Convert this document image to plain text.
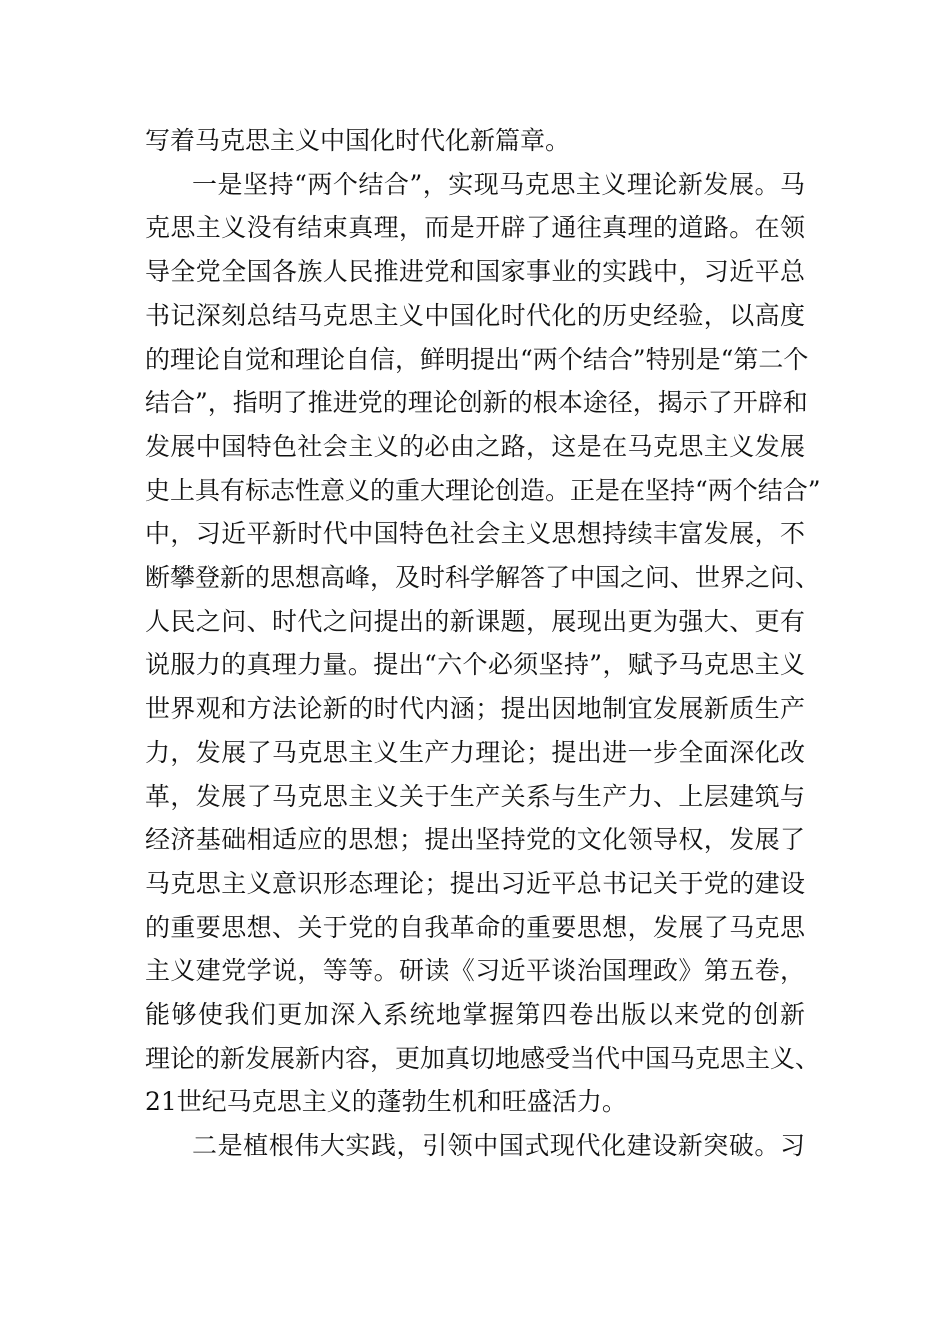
写着马克思主义中国化时代化新篇章。
一是坚持“两个结合”，实现马克思主义理论新发展。马
克思主义没有结束真理，而是开辟了通往真理的道路。在领
导全党全国各族人民推进党和国家事业的实践中，习近平总
书记深刻总结马克思主义中国化时代化的历史经验，以高度
的理论自觉和理论自信，鲜明提出“两个结合”特别是“第二个
结合”，指明了推进党的理论创新的根本途径，揭示了开辟和
发展中国特色社会主义的必由之路，这是在马克思主义发展
史上具有标志性意义的重大理论创造。正是在坚持“两个结合”
中，习近平新时代中国特色社会主义思想持续丰富发展，不
断攀登新的思想高峰，及时科学解答了中国之问、世界之问、
人民之问、时代之问提出的新课题，展现出更为强大、更有
说服力的真理力量。提出“六个必须坚持”，赋予马克思主义
世界观和方法论新的时代内涵；提出因地制宜发展新质生产
力，发展了马克思主义生产力理论；提出进一步全面深化改
革，发展了马克思主义关于生产关系与生产力、上层建筑与
经济基础相适应的思想；提出坚持党的文化领导权，发展了
马克思主义意识形态理论；提出习近平总书记关于党的建设
的重要思想、关于党的自我革命的重要思想，发展了马克思
主义建党学说，等等。研读《习近平谈治国理政》第五卷，
能够使我们更加深入系统地掌握第四卷出版以来党的创新
理论的新发展新内容，更加真切地感受当代中国马克思主义、
21世纪马克思主义的蓬勃生机和旺盛活力。
二是植根伟大实践，引领中国式现代化建设新突破。习
